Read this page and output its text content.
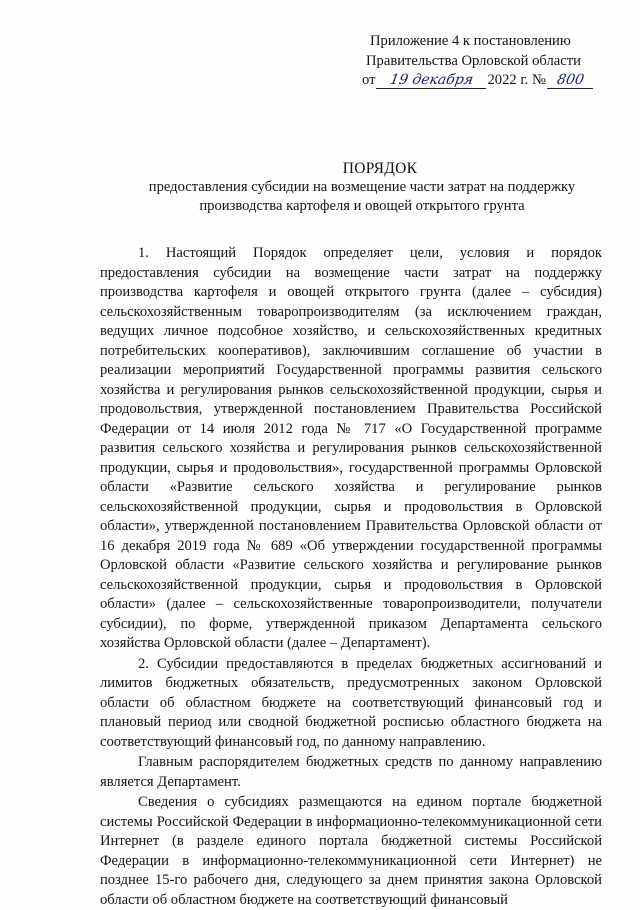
Приложение 4 к постановлению
Правительства Орловской области
от 19 декабря 2022 г. № 800
ПОРЯДОК
предоставления субсидии на возмещение части затрат на поддержку производства картофеля и овощей открытого грунта

1. Настоящий Порядок определяет цели, условия и порядок предоставления субсидии на возмещение части затрат на поддержку производства картофеля и овощей открытого грунта (далее – субсидия) сельскохозяйственным товаропроизводителям (за исключением граждан, ведущих личное подсобное хозяйство, и сельскохозяйственных кредитных потребительских кооперативов), заключившим соглашение об участии в реализации мероприятий Государственной программы развития сельского хозяйства и регулирования рынков сельскохозяйственной продукции, сырья и продовольствия, утвержденной постановлением Правительства Российской Федерации от 14 июля 2012 года № 717 «О Государственной программе развития сельского хозяйства и регулирования рынков сельскохозяйственной продукции, сырья и продовольствия», государственной программы Орловской области «Развитие сельского хозяйства и регулирование рынков сельскохозяйственной продукции, сырья и продовольствия в Орловской области», утвержденной постановлением Правительства Орловской области от 16 декабря 2019 года № 689 «Об утверждении государственной программы Орловской области «Развитие сельского хозяйства и регулирование рынков сельскохозяйственной продукции, сырья и продовольствия в Орловской области» (далее – сельскохозяйственные товаропроизводители, получатели субсидии), по форме, утвержденной приказом Департамента сельского хозяйства Орловской области (далее – Департамент).

2. Субсидии предоставляются в пределах бюджетных ассигнований и лимитов бюджетных обязательств, предусмотренных законом Орловской области об областном бюджете на соответствующий финансовый год и плановый период или сводной бюджетной росписью областного бюджета на соответствующий финансовый год, по данному направлению.

Главным распорядителем бюджетных средств по данному направлению является Департамент.

Сведения о субсидиях размещаются на едином портале бюджетной системы Российской Федерации в информационно-телекоммуникационной сети Интернет (в разделе единого портала бюджетной системы Российской Федерации в информационно-телекоммуникационной сети Интернет) не позднее 15-го рабочего дня, следующего за днем принятия закона Орловской области об областном бюджете на соответствующий финансовый
